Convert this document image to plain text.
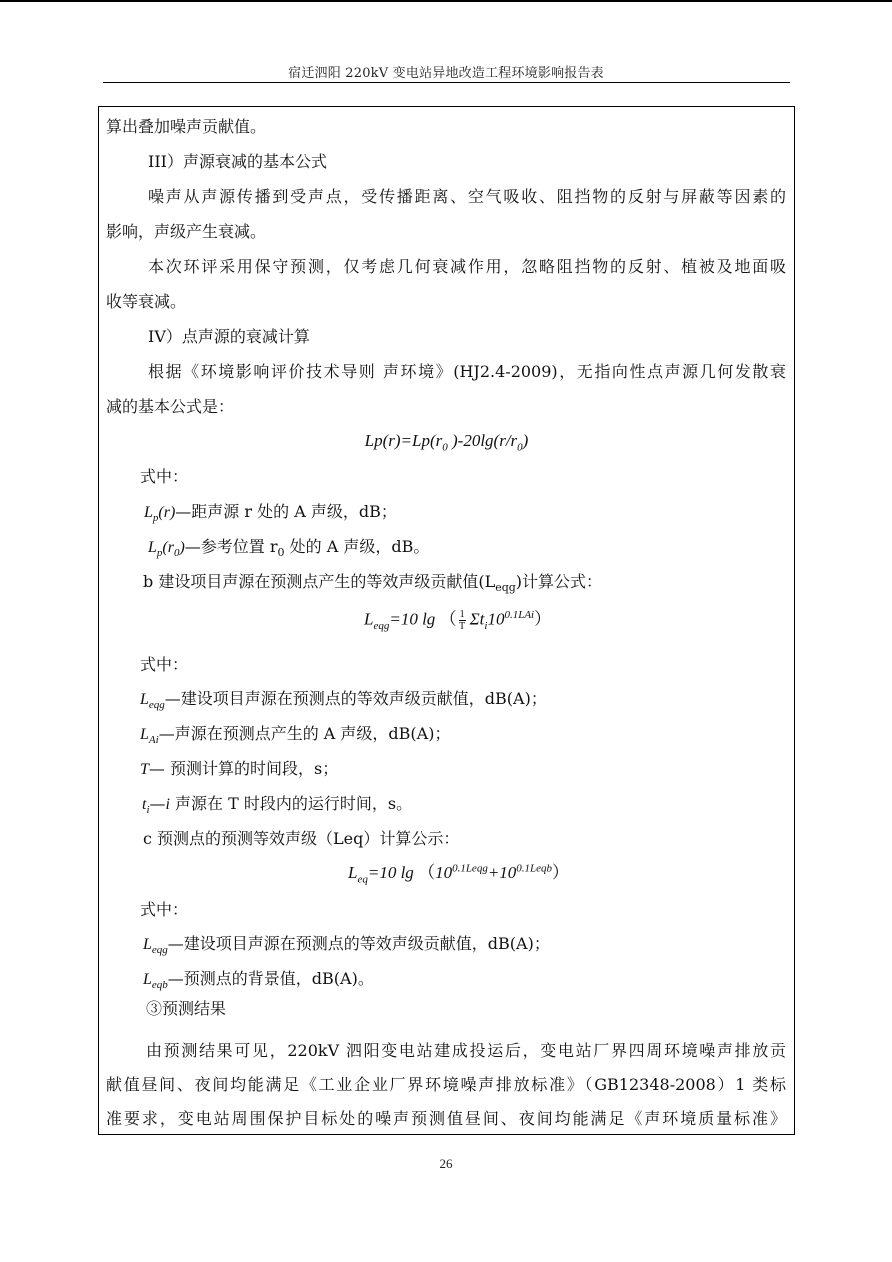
宿迁泗阳 220kV 变电站异地改造工程环境影响报告表
算出叠加噪声贡献值。
III）声源衰减的基本公式
噪声从声源传播到受声点，受传播距离、空气吸收、阻挡物的反射与屏蔽等因素的
影响，声级产生衰减。
本次环评采用保守预测，仅考虑几何衰减作用，忽略阻挡物的反射、植被及地面吸
收等衰减。
IV）点声源的衰减计算
根据《环境影响评价技术导则 声环境》(HJ2.4-2009)，无指向性点声源几何发散衰
减的基本公式是：
$Lp(r)=Lp(r_0$ )$-20\lg(r/r_0)$
式中：
$L_p(r)—$距声源 r 处的 A 声级，dB；
$L_p(r_0)—$参考位置 $r_0$ 处的 A 声级，dB。
b 建设项目声源在预测点产生的等效声级贡献值$(L_{eqg})$计算公式：
$L_{eqg}=10$ lg （ $\frac{1}{T} \Sigma t_i10^{0.1LAi}$）
式中：
$L_{eqg}—$建设项目声源在预测点的等效声级贡献值，dB(A)；
$L_{Ai}—$声源在预测点产生的 A 声级，dB(A)；
T— 预测计算的时间段，s；
$t_i—i$ 声源在 T 时段内的运行时间，s。
c 预测点的预测等效声级（Leq）计算公示：
$L_{eq}=10$ $\lg (10^{0.1Leqg}+10^{0.1Leqb})$
式中：
$L_{eqg}—$建设项目声源在预测点的等效声级贡献值，dB(A)；
$L_{eqb}—$预测点的背景值，dB(A)。
③预测结果
由预测结果可见，220kV 泗阳变电站建成投运后，变电站厂界四周环境噪声排放贡
献值昼间、夜间均能满足《工业企业厂界环境噪声排放标准》（GB12348-2008）1 类标
准要求，变电站周围保护目标处的噪声预测值昼间、夜间均能满足《声环境质量标准》
26
